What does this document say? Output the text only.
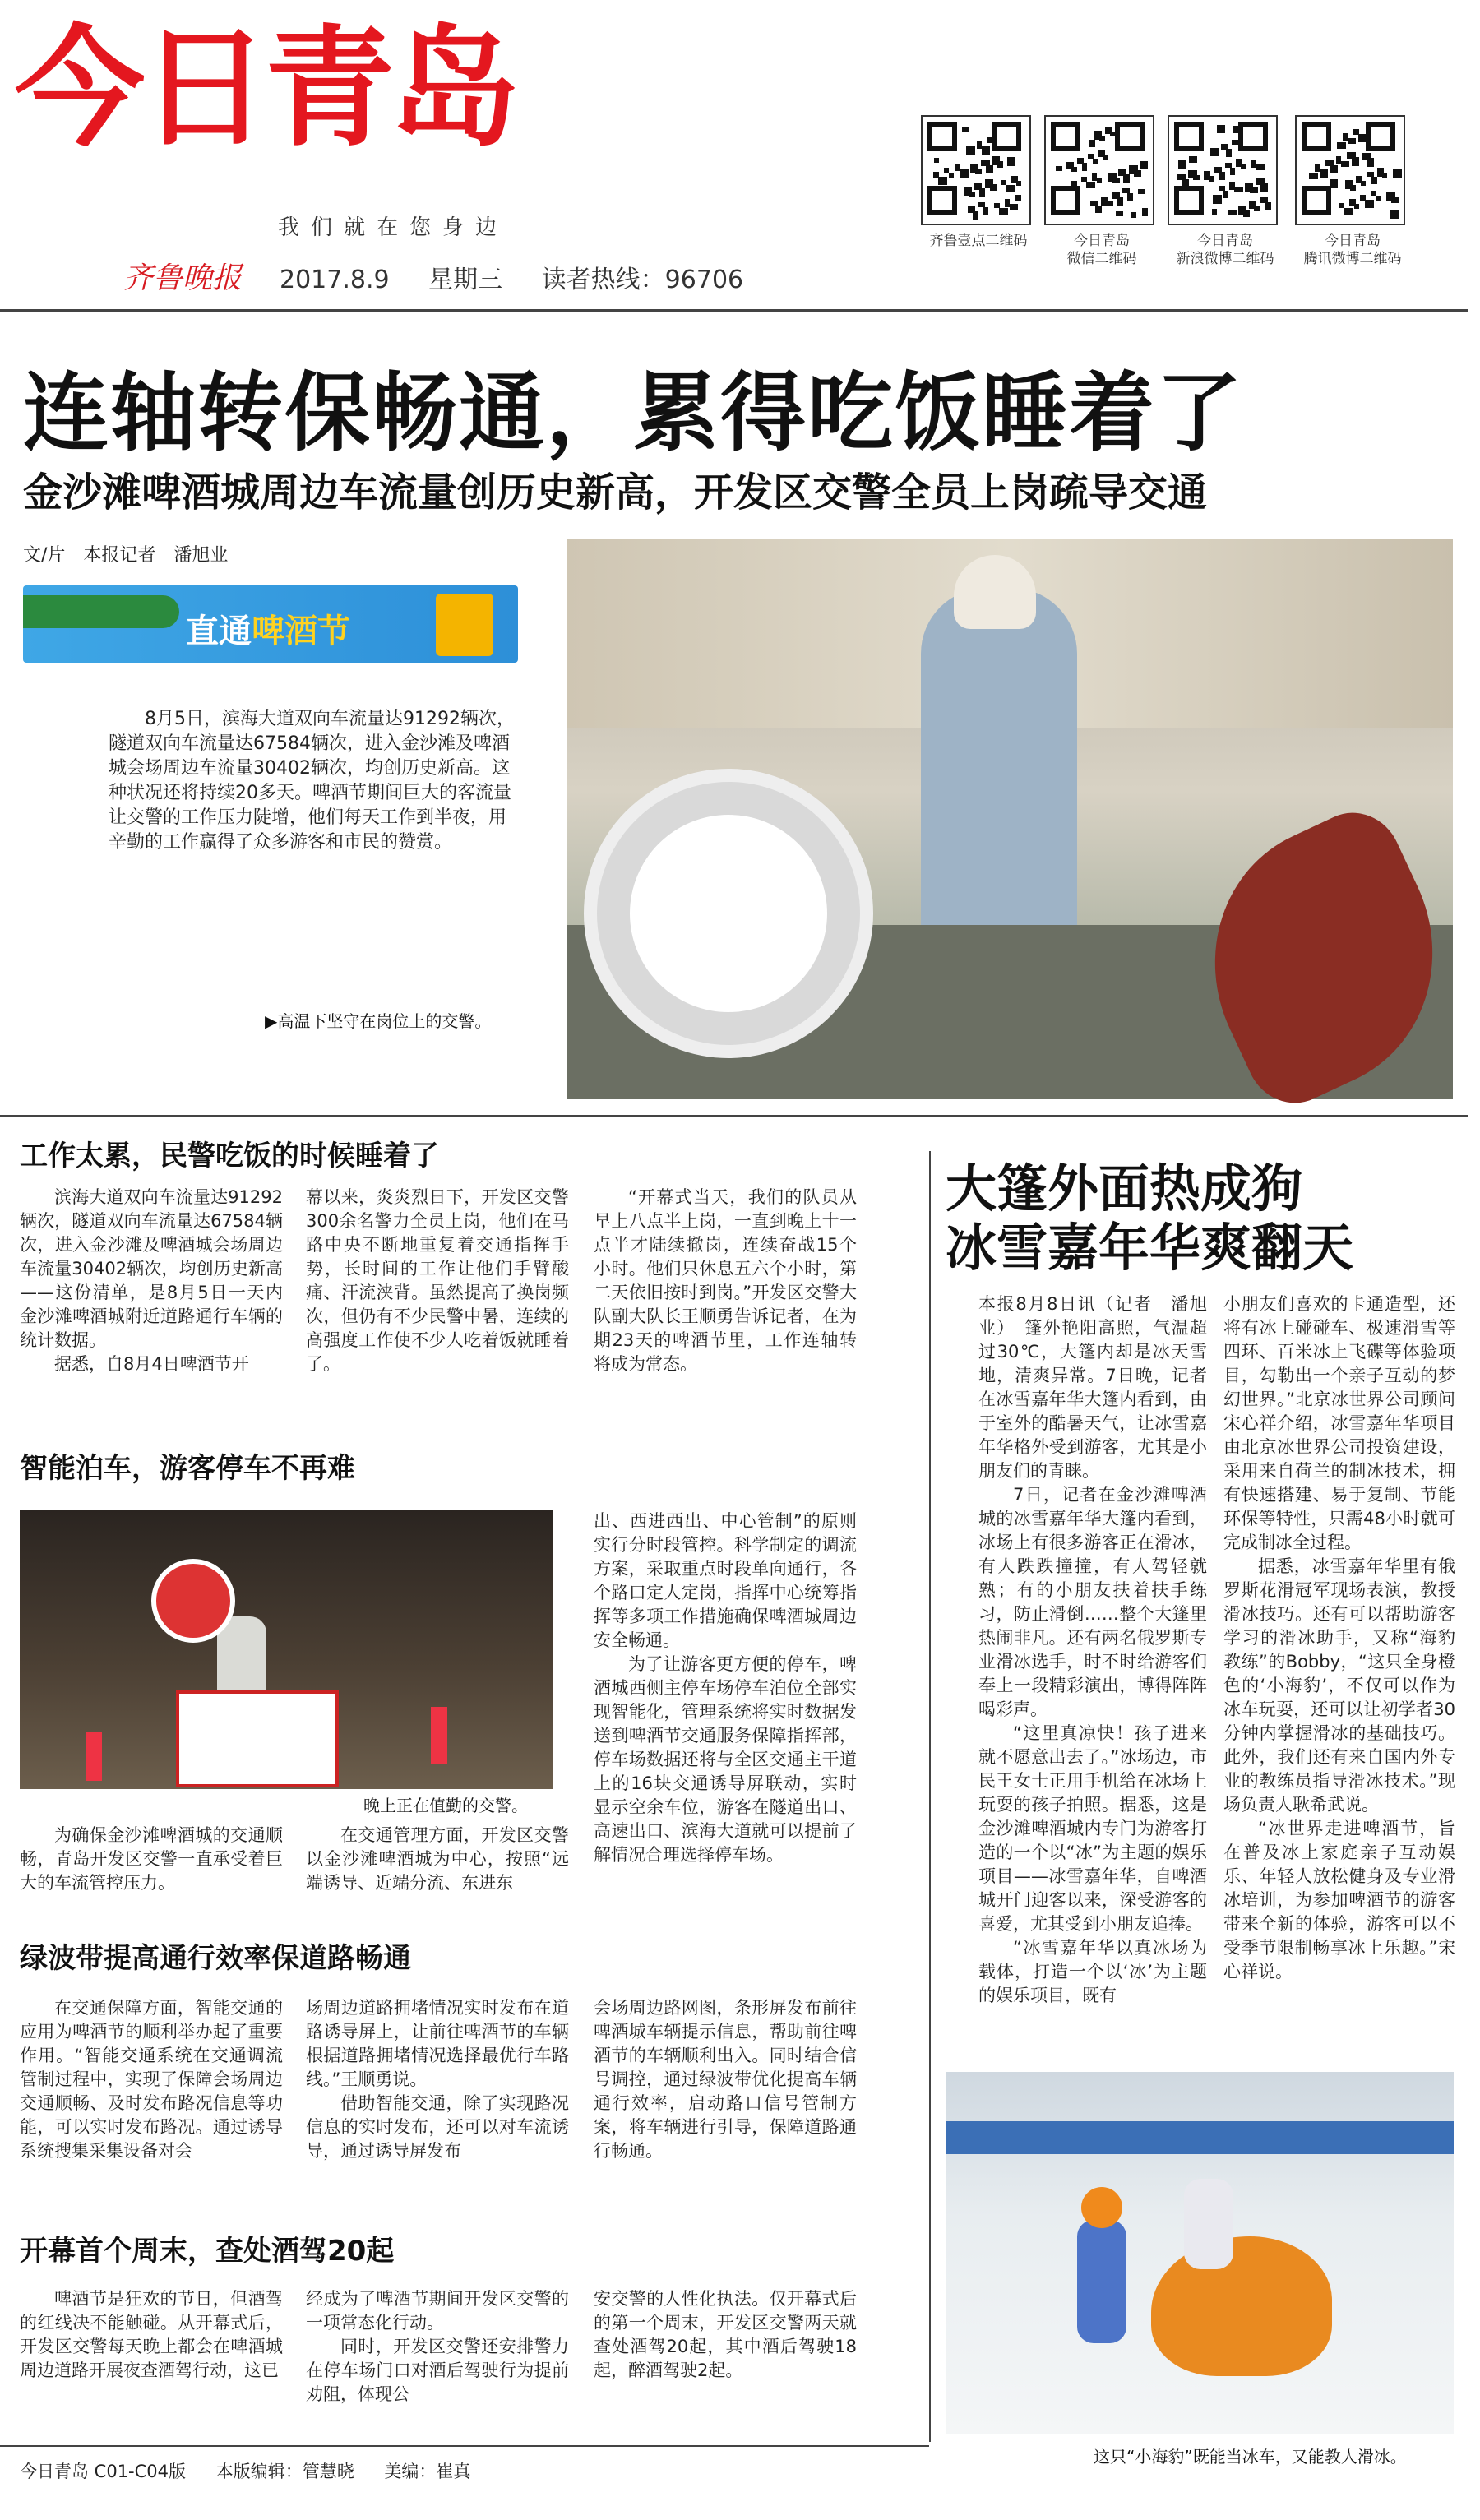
今日青岛
我们就在您身边
齐鲁晚报 2017.8.9 星期三 读者热线：96706
齐鲁壹点二维码	今日青岛
微信二维码
今日青岛
新浪微博二维码
今日青岛
腾讯微博二维码
连轴转保畅通，累得吃饭睡着了
金沙滩啤酒城周边车流量创历史新高，开发区交警全员上岗疏导交通
文/片　本报记者　潘旭业
直通啤酒节
8月5日，滨海大道双向车流量达91292辆次，隧道双向车流量达67584辆次，进入金沙滩及啤酒城会场周边车流量30402辆次，均创历史新高。这种状况还将持续20多天。啤酒节期间巨大的客流量让交警的工作压力陡增，他们每天工作到半夜，用辛勤的工作赢得了众多游客和市民的赞赏。
▶高温下坚守在岗位上的交警。
工作太累，民警吃饭的时候睡着了

滨海大道双向车流量达91292辆次，隧道双向车流量达67584辆次，进入金沙滩及啤酒城会场周边车流量30402辆次，均创历史新高——这份清单，是8月5日一天内金沙滩啤酒城附近道路通行车辆的统计数据。

据悉，自8月4日啤酒节开

幕以来，炎炎烈日下，开发区交警300余名警力全员上岗，他们在马路中央不断地重复着交通指挥手势，长时间的工作让他们手臂酸痛、汗流浃背。虽然提高了换岗频次，但仍有不少民警中暑，连续的高强度工作使不少人吃着饭就睡着了。

“开幕式当天，我们的队员从早上八点半上岗，一直到晚上十一点半才陆续撤岗，连续奋战15个小时。他们只休息五六个小时，第二天依旧按时到岗。”开发区交警大队副大队长王顺勇告诉记者，在为期23天的啤酒节里，工作连轴转将成为常态。

智能泊车，游客停车不再难
晚上正在值勤的交警。

出、西进西出、中心管制”的原则实行分时段管控。科学制定的调流方案，采取重点时段单向通行，各个路口定人定岗，指挥中心统筹指挥等多项工作措施确保啤酒城周边安全畅通。

为了让游客更方便的停车，啤酒城西侧主停车场停车泊位全部实现智能化，管理系统将实时数据发送到啤酒节交通服务保障指挥部，停车场数据还将与全区交通主干道上的16块交通诱导屏联动，实时显示空余车位，游客在隧道出口、高速出口、滨海大道就可以提前了解情况合理选择停车场。

为确保金沙滩啤酒城的交通顺畅，青岛开发区交警一直承受着巨大的车流管控压力。

在交通管理方面，开发区交警以金沙滩啤酒城为中心，按照“远端诱导、近端分流、东进东

绿波带提高通行效率保道路畅通

在交通保障方面，智能交通的应用为啤酒节的顺利举办起了重要作用。“智能交通系统在交通调流管制过程中，实现了保障会场周边交通顺畅、及时发布路况信息等功能，可以实时发布路况。通过诱导系统搜集采集设备对会

场周边道路拥堵情况实时发布在道路诱导屏上，让前往啤酒节的车辆根据道路拥堵情况选择最优行车路线。”王顺勇说。

借助智能交通，除了实现路况信息的实时发布，还可以对车流诱导，通过诱导屏发布

会场周边路网图，条形屏发布前往啤酒城车辆提示信息，帮助前往啤酒节的车辆顺利出入。同时结合信号调控，通过绿波带优化提高车辆通行效率，启动路口信号管制方案，将车辆进行引导，保障道路通行畅通。

开幕首个周末，查处酒驾20起

啤酒节是狂欢的节日，但酒驾的红线决不能触碰。从开幕式后，开发区交警每天晚上都会在啤酒城周边道路开展夜查酒驾行动，这已

经成为了啤酒节期间开发区交警的一项常态化行动。

同时，开发区交警还安排警力在停车场门口对酒后驾驶行为提前劝阻，体现公

安交警的人性化执法。仅开幕式后的第一个周末，开发区交警两天就查处酒驾20起，其中酒后驾驶18起，醉酒驾驶2起。

大篷外面热成狗
冰雪嘉年华爽翻天

本报8月8日讯（记者　潘旭业）　篷外艳阳高照，气温超过30℃，大篷内却是冰天雪地，清爽异常。7日晚，记者在冰雪嘉年华大篷内看到，由于室外的酷暑天气，让冰雪嘉年华格外受到游客，尤其是小朋友们的青睐。

7日，记者在金沙滩啤酒城的冰雪嘉年华大篷内看到，冰场上有很多游客正在滑冰，有人跌跌撞撞，有人驾轻就熟；有的小朋友扶着扶手练习，防止滑倒……整个大篷里热闹非凡。还有两名俄罗斯专业滑冰选手，时不时给游客们奉上一段精彩演出，博得阵阵喝彩声。

“这里真凉快！孩子进来就不愿意出去了。”冰场边，市民王女士正用手机给在冰场上玩耍的孩子拍照。据悉，这是金沙滩啤酒城内专门为游客打造的一个以“冰”为主题的娱乐项目——冰雪嘉年华，自啤酒城开门迎客以来，深受游客的喜爱，尤其受到小朋友追捧。

“冰雪嘉年华以真冰场为载体，打造一个以‘冰’为主题的娱乐项目，既有

小朋友们喜欢的卡通造型，还将有冰上碰碰车、极速滑雪等四环、百米冰上飞碟等体验项目，勾勒出一个亲子互动的梦幻世界。”北京冰世界公司顾问宋心祥介绍，冰雪嘉年华项目由北京冰世界公司投资建设，采用来自荷兰的制冰技术，拥有快速搭建、易于复制、节能环保等特性，只需48小时就可完成制冰全过程。

据悉，冰雪嘉年华里有俄罗斯花滑冠军现场表演，教授滑冰技巧。还有可以帮助游客学习的滑冰助手，又称“海豹教练”的Bobby，“这只全身橙色的‘小海豹’，不仅可以作为冰车玩耍，还可以让初学者30分钟内掌握滑冰的基础技巧。此外，我们还有来自国内外专业的教练员指导滑冰技术。”现场负责人耿希武说。

“冰世界走进啤酒节，旨在普及冰上家庭亲子互动娱乐、年轻人放松健身及专业滑冰培训，为参加啤酒节的游客带来全新的体验，游客可以不受季节限制畅享冰上乐趣。”宋心祥说。

这只“小海豹”既能当冰车，又能教人滑冰。
今日青岛 C01-C04版 本版编辑：管慧晓 美编：崔真
